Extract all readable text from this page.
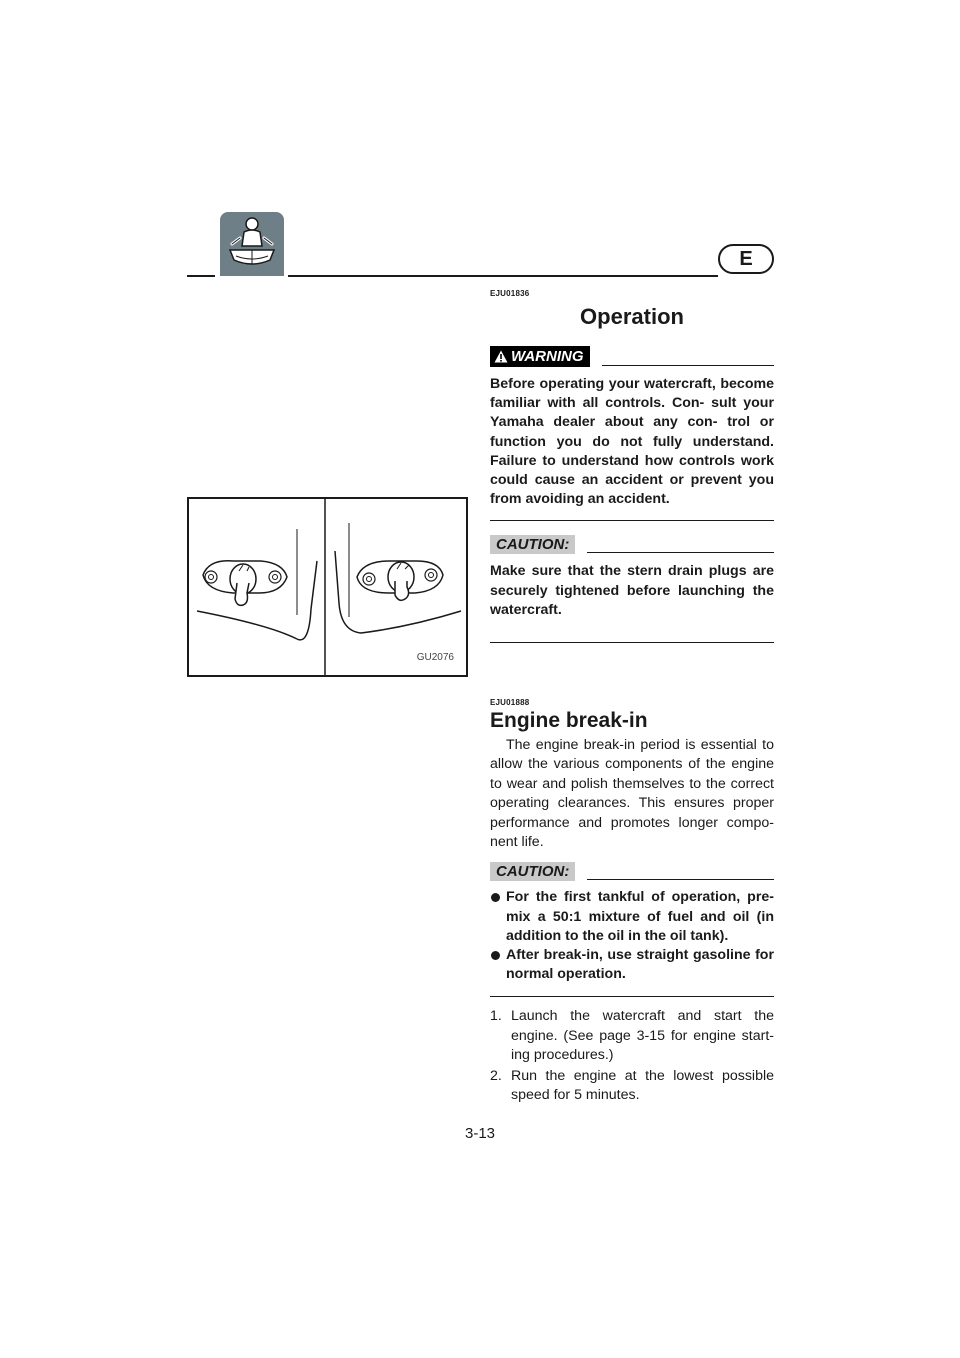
E
GU2076
EJU01836
Operation
WARNING
Before operating your watercraft, become familiar with all controls. Con- sult your Yamaha dealer about any con- trol or function you do not fully understand. Failure to understand how controls work could cause an accident or prevent you from avoiding an accident.
CAUTION:
Make sure that the stern drain plugs are securely tightened before launching the watercraft.
EJU01888
Engine break-in
The engine break-in period is essential to allow the various components of the engine to wear and polish themselves to the correct operating clearances. This ensures proper performance and promotes longer compo- nent life.
CAUTION:
For the first tankful of operation, pre- mix a 50:1 mixture of fuel and oil (in addition to the oil in the oil tank).
After break-in, use straight gasoline for normal operation.
1. Launch the watercraft and start the engine. (See page 3-15 for engine start- ing procedures.)
2. Run the engine at the lowest possible speed for 5 minutes.
3-13
